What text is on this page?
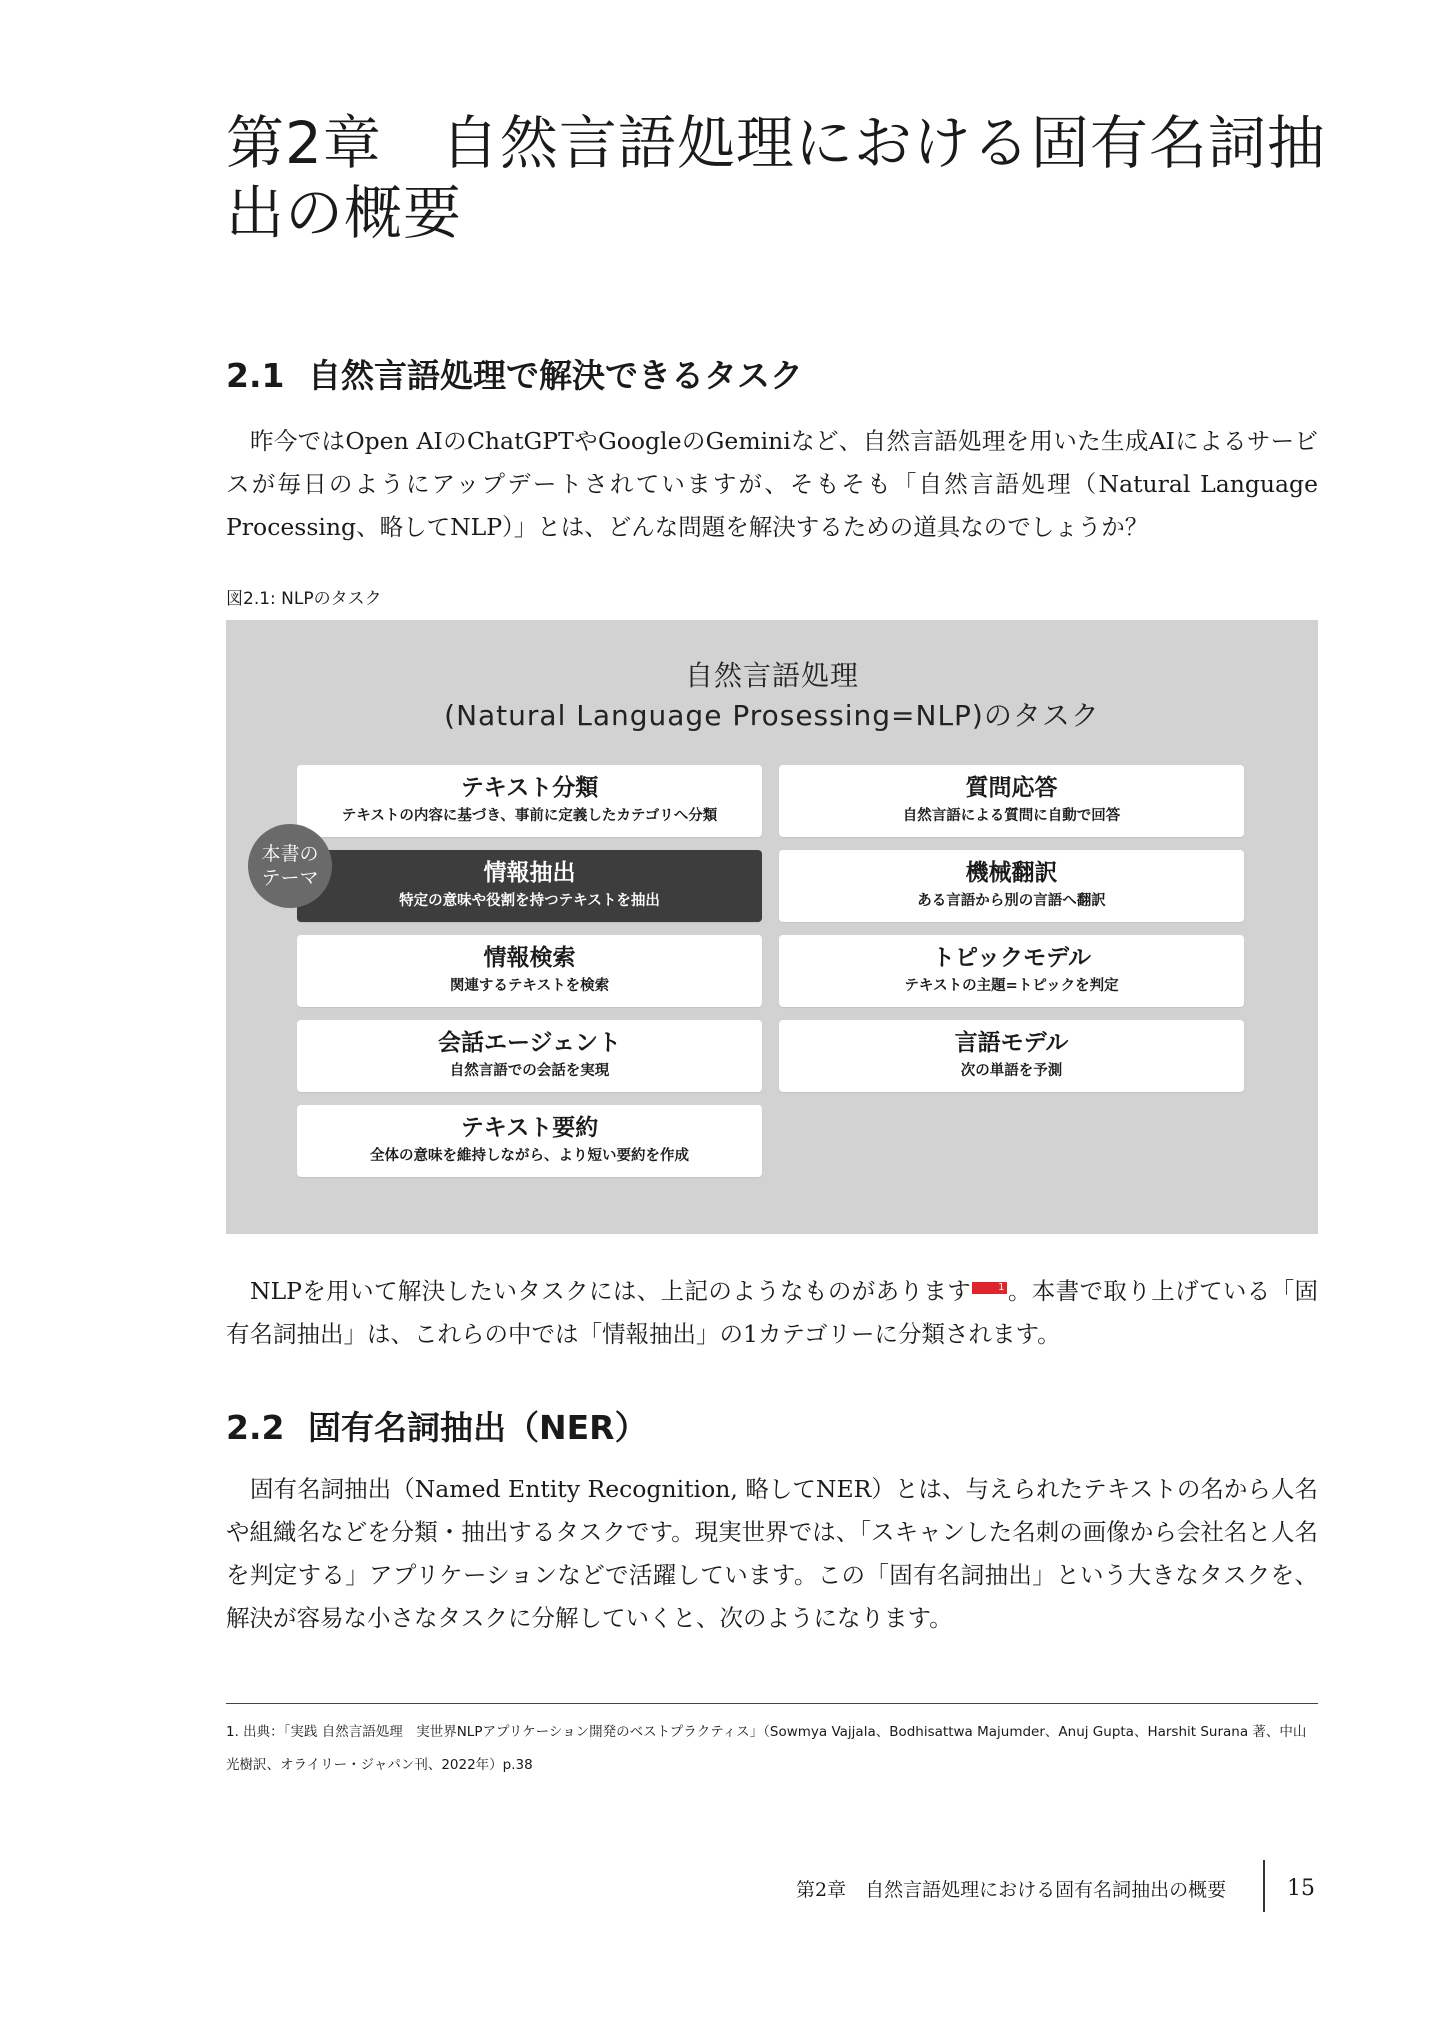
第2章　自然言語処理における固有名詞抽出の概要
2.1 自然言語処理で解決できるタスク

昨今ではOpen AIのChatGPTやGoogleのGeminiなど、自然言語処理を用いた生成AIによるサービスが毎日のようにアップデートされていますが、そもそも「自然言語処理（Natural Language Processing、略してNLP）」とは、どんな問題を解決するための道具なのでしょうか？

図2.1: NLPのタスク
自然言語処理
(Natural Language Prosessing=NLP)のタスク
本書のテーマ
テキスト分類
テキストの内容に基づき、事前に定義したカテゴリへ分類
質問応答
自然言語による質問に自動で回答
情報抽出
特定の意味や役割を持つテキストを抽出
機械翻訳
ある言語から別の言語へ翻訳
情報検索
関連するテキストを検索
トピックモデル
テキストの主題=トピックを判定
会話エージェント
自然言語での会話を実現
言語モデル
次の単語を予測
テキスト要約
全体の意味を維持しながら、より短い要約を作成

NLPを用いて解決したいタスクには、上記のようなものがあります	1 。本書で取り上げている「固有名詞抽出」は、これらの中では「情報抽出」の1カテゴリーに分類されます。

2.2 固有名詞抽出（NER）

固有名詞抽出（Named Entity Recognition, 略してNER）とは、与えられたテキストの名から人名や組織名などを分類・抽出するタスクです。現実世界では、「スキャンした名刺の画像から会社名と人名を判定する」アプリケーションなどで活躍しています。この「固有名詞抽出」という大きなタスクを、解決が容易な小さなタスクに分解していくと、次のようになります。

1. 出典：「実践 自然言語処理　実世界NLPアプリケーション開発のベストプラクティス」（Sowmya Vajjala、Bodhisattwa Majumder、Anuj Gupta、Harshit Surana 著、中山光樹訳、オライリー・ジャパン刊、2022年）p.38

第2章　自然言語処理における固有名詞抽出の概要	15
